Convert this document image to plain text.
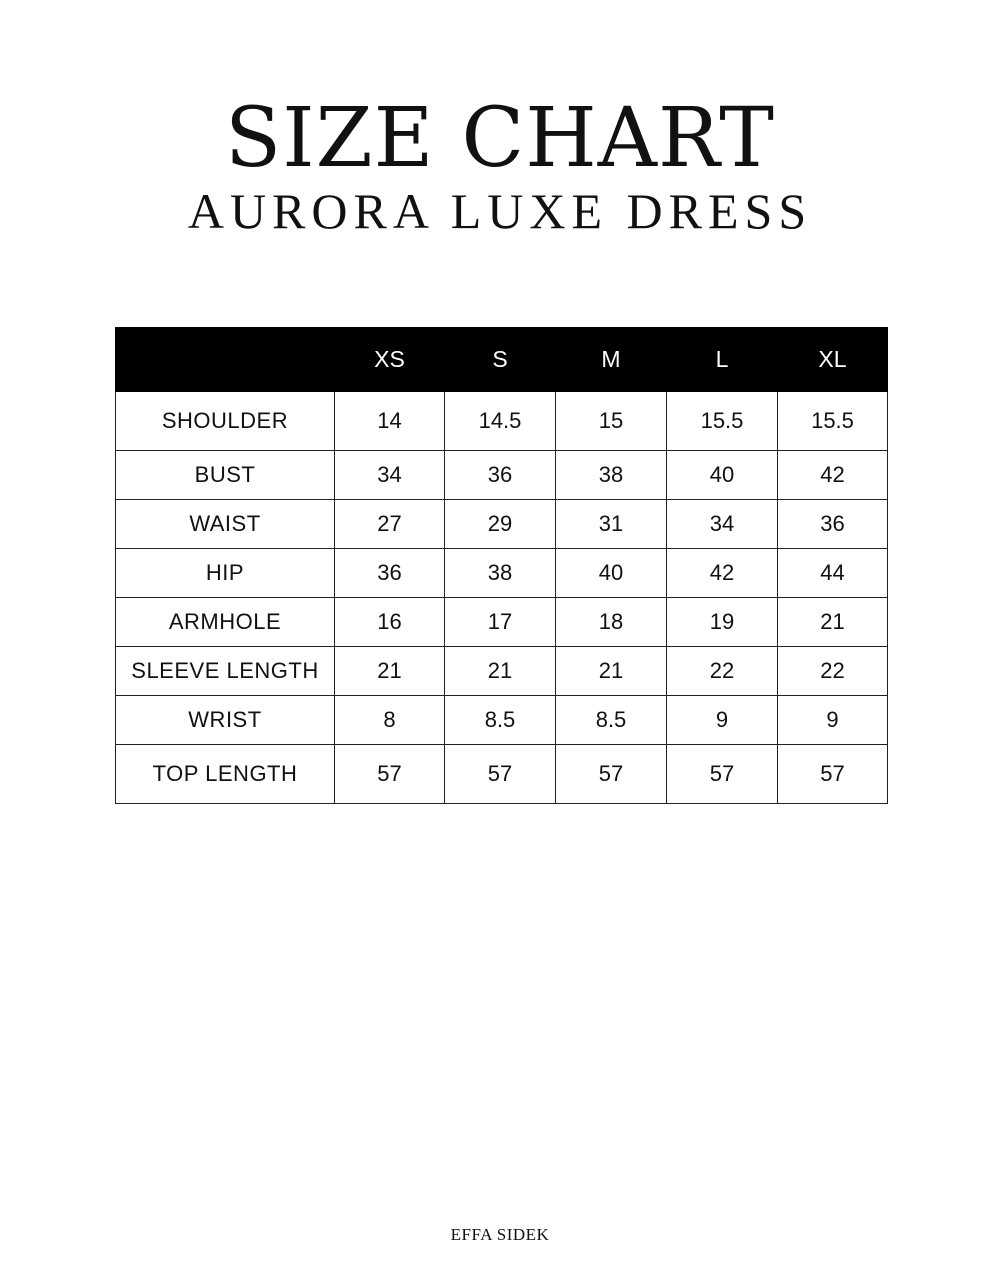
SIZE CHART
AURORA LUXE DRESS
	XS	S	M	L	XL
SHOULDER	14	14.5	15	15.5	15.5
BUST	34	36	38	40	42
WAIST	27	29	31	34	36
HIP	36	38	40	42	44
ARMHOLE	16	17	18	19	21
SLEEVE LENGTH	21	21	21	22	22
WRIST	8	8.5	8.5	9	9
TOP LENGTH	57	57	57	57	57
EFFA SIDEK
